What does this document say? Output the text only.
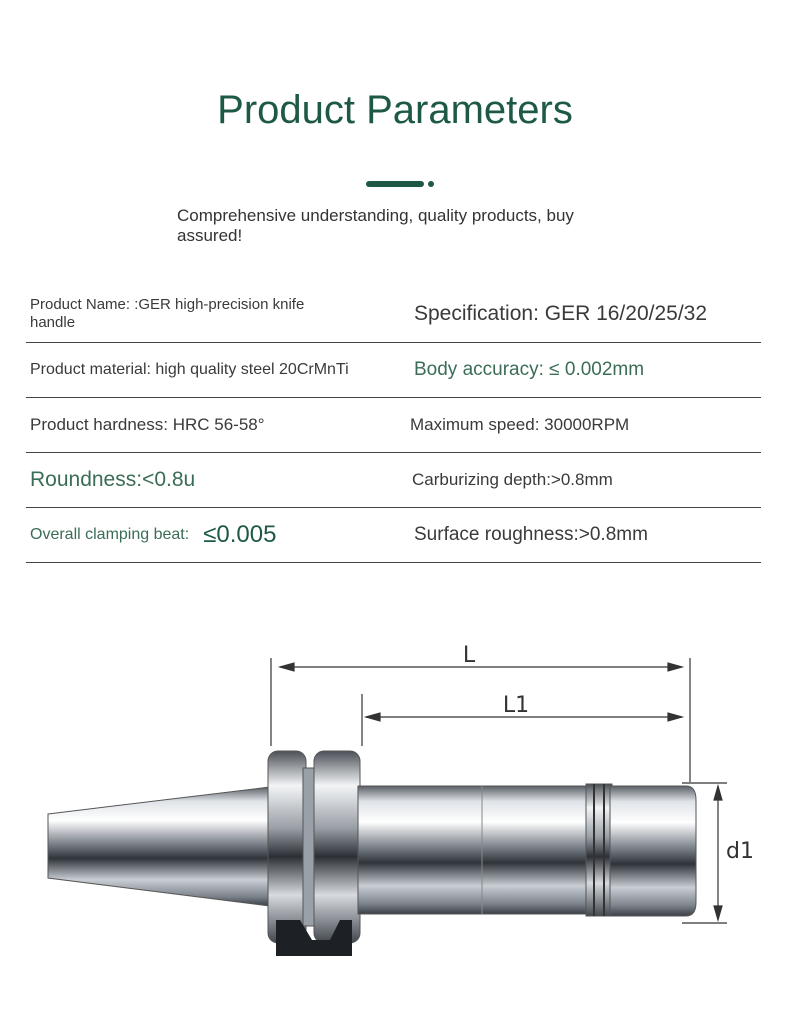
Product Parameters
Comprehensive understanding, quality products, buy assured!
Product Name: :GER high-precision knife handle	Specification: GER 16/20/25/32
Product material: high quality steel 20CrMnTi	Body accuracy: ≤ 0.002mm
Product hardness: HRC 56-58°	Maximum speed: 30000RPM
Roundness:<0.8u	Carburizing depth:>0.8mm
Overall clamping beat: ≤0.005	Surface roughness:>0.8mm
L
L1
d1
